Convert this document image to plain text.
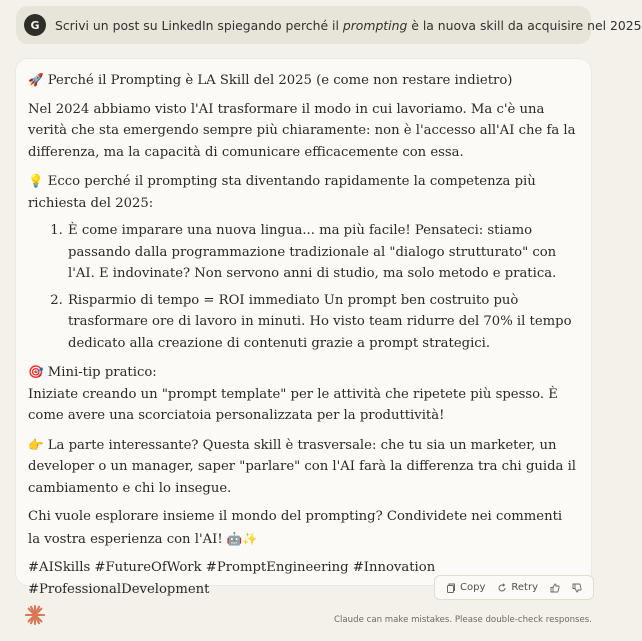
G	Scrivi un post su LinkedIn spiegando perché il prompting è la nuova skill da acquisire nel 2025

🚀 Perché il Prompting è LA Skill del 2025 (e come non restare indietro)

Nel 2024 abbiamo visto l'AI trasformare il modo in cui lavoriamo. Ma c'è una verità che sta emergendo sempre più chiaramente: non è l'accesso all'AI che fa la differenza, ma la capacità di comunicare efficacemente con essa.

💡 Ecco perché il prompting sta diventando rapidamente la competenza più richiesta del 2025:

1. È come imparare una nuova lingua... ma più facile! Pensateci: stiamo passando dalla programmazione tradizionale al "dialogo strutturato" con l'AI. E indovinate? Non servono anni di studio, ma solo metodo e pratica.
2. Risparmio di tempo = ROI immediato Un prompt ben costruito può trasformare ore di lavoro in minuti. Ho visto team ridurre del 70% il tempo dedicato alla creazione di contenuti grazie a prompt strategici.

🎯 Mini-tip pratico:
Iniziate creando un "prompt template" per le attività che ripetete più spesso. È come avere una scorciatoia personalizzata per la produttività!

👉 La parte interessante? Questa skill è trasversale: che tu sia un marketer, un developer o un manager, saper "parlare" con l'AI farà la differenza tra chi guida il cambiamento e chi lo insegue.

Chi vuole esplorare insieme il mondo del prompting? Condividete nei commenti la vostra esperienza con l'AI! 🤖✨

#AISkills #FutureOfWork #PromptEngineering #Innovation #ProfessionalDevelopment	Copy	Retry
Claude can make mistakes. Please double-check responses.
